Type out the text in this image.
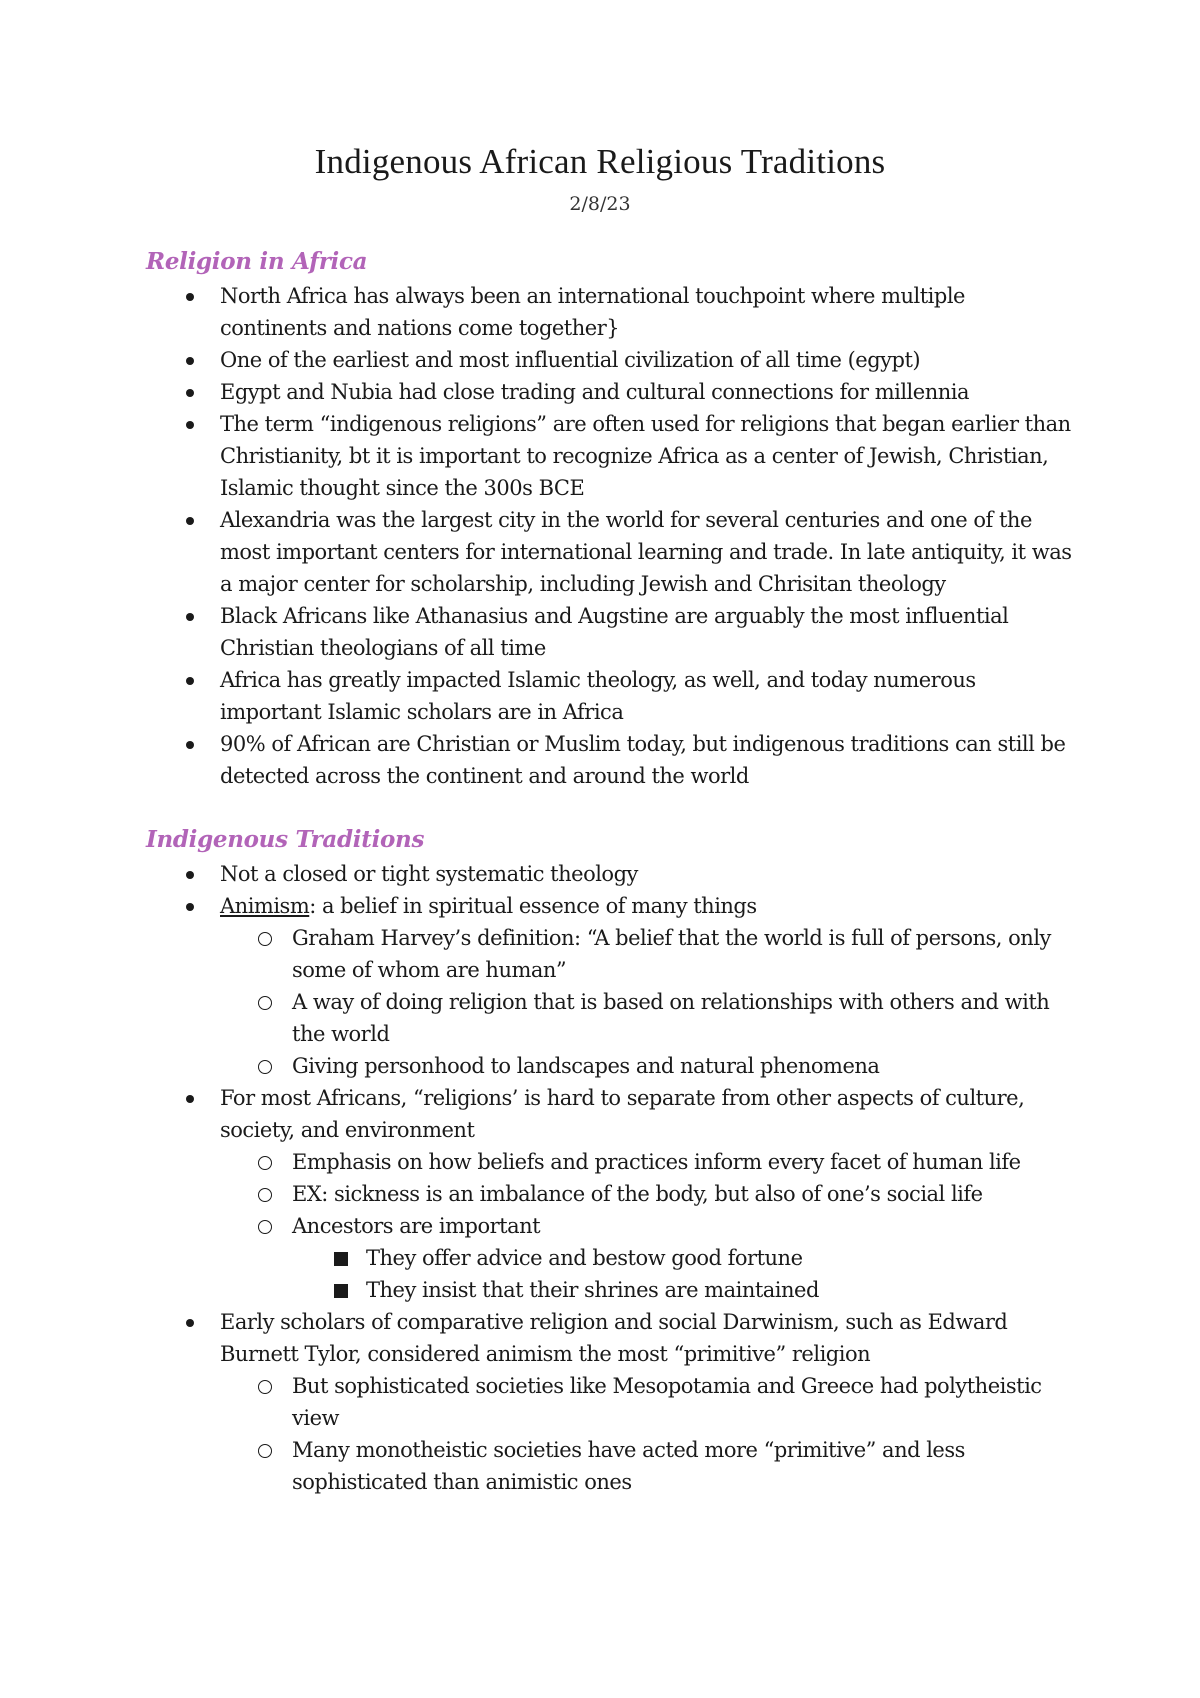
Indigenous African Religious Traditions
2/8/23
Religion in Africa
North Africa has always been an international touchpoint where multiple continents and nations come together}
One of the earliest and most influential civilization of all time (egypt)
Egypt and Nubia had close trading and cultural connections for millennia
The term “indigenous religions” are often used for religions that began earlier than Christianity, bt it is important to recognize Africa as a center of Jewish, Christian, Islamic thought since the 300s BCE
Alexandria was the largest city in the world for several centuries and one of the most important centers for international learning and trade. In late antiquity, it was a major center for scholarship, including Jewish and Chrisitan theology
Black Africans like Athanasius and Augstine are arguably the most influential Christian theologians of all time
Africa has greatly impacted Islamic theology, as well, and today numerous important Islamic scholars are in Africa
90% of African are Christian or Muslim today, but indigenous traditions can still be detected across the continent and around the world
Indigenous Traditions
Not a closed or tight systematic theology
Animism: a belief in spiritual essence of many things
Graham Harvey’s definition: “A belief that the world is full of persons, only some of whom are human”
A way of doing religion that is based on relationships with others and with the world
Giving personhood to landscapes and natural phenomena
For most Africans, “religions’ is hard to separate from other aspects of culture, society, and environment
Emphasis on how beliefs and practices inform every facet of human life
EX: sickness is an imbalance of the body, but also of one’s social life
Ancestors are important
They offer advice and bestow good fortune
They insist that their shrines are maintained
Early scholars of comparative religion and social Darwinism, such as Edward Burnett Tylor, considered animism the most “primitive” religion
But sophisticated societies like Mesopotamia and Greece had polytheistic view
Many monotheistic societies have acted more “primitive” and less sophisticated than animistic ones
